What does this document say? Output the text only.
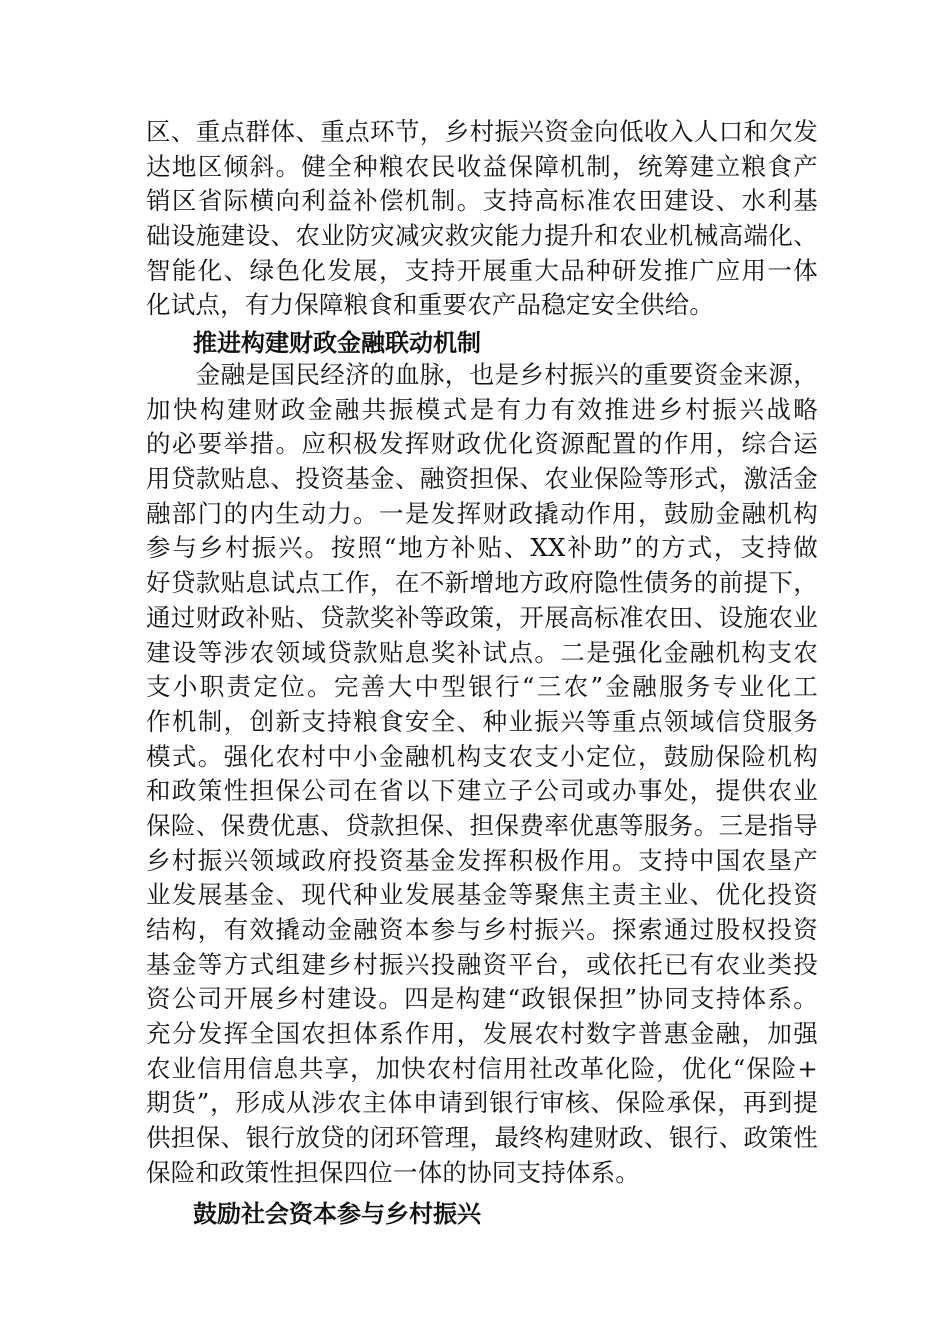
区、重点群体、重点环节，乡村振兴资金向低收入人口和欠发
达地区倾斜。健全种粮农民收益保障机制，统筹建立粮食产
销区省际横向利益补偿机制。支持高标准农田建设、水利基
础设施建设、农业防灾减灾救灾能力提升和农业机械高端化、
智能化、绿色化发展，支持开展重大品种研发推广应用一体
化试点，有力保障粮食和重要农产品稳定安全供给。
推进构建财政金融联动机制
　　金融是国民经济的血脉，也是乡村振兴的重要资金来源，
加快构建财政金融共振模式是有力有效推进乡村振兴战略
的必要举措。应积极发挥财政优化资源配置的作用，综合运
用贷款贴息、投资基金、融资担保、农业保险等形式，激活金
融部门的内生动力。一是发挥财政撬动作用，鼓励金融机构
参与乡村振兴。按照“地方补贴、XX补助”的方式，支持做
好贷款贴息试点工作，在不新增地方政府隐性债务的前提下，
通过财政补贴、贷款奖补等政策，开展高标准农田、设施农业
建设等涉农领域贷款贴息奖补试点。二是强化金融机构支农
支小职责定位。完善大中型银行“三农”金融服务专业化工
作机制，创新支持粮食安全、种业振兴等重点领域信贷服务
模式。强化农村中小金融机构支农支小定位，鼓励保险机构
和政策性担保公司在省以下建立子公司或办事处，提供农业
保险、保费优惠、贷款担保、担保费率优惠等服务。三是指导
乡村振兴领域政府投资基金发挥积极作用。支持中国农垦产
业发展基金、现代种业发展基金等聚焦主责主业、优化投资
结构，有效撬动金融资本参与乡村振兴。探索通过股权投资
基金等方式组建乡村振兴投融资平台，或依托已有农业类投
资公司开展乡村建设。四是构建“政银保担”协同支持体系。
充分发挥全国农担体系作用，发展农村数字普惠金融，加强
农业信用信息共享，加快农村信用社改革化险，优化“保险+
期货”，形成从涉农主体申请到银行审核、保险承保，再到提
供担保、银行放贷的闭环管理，最终构建财政、银行、政策性
保险和政策性担保四位一体的协同支持体系。
鼓励社会资本参与乡村振兴
